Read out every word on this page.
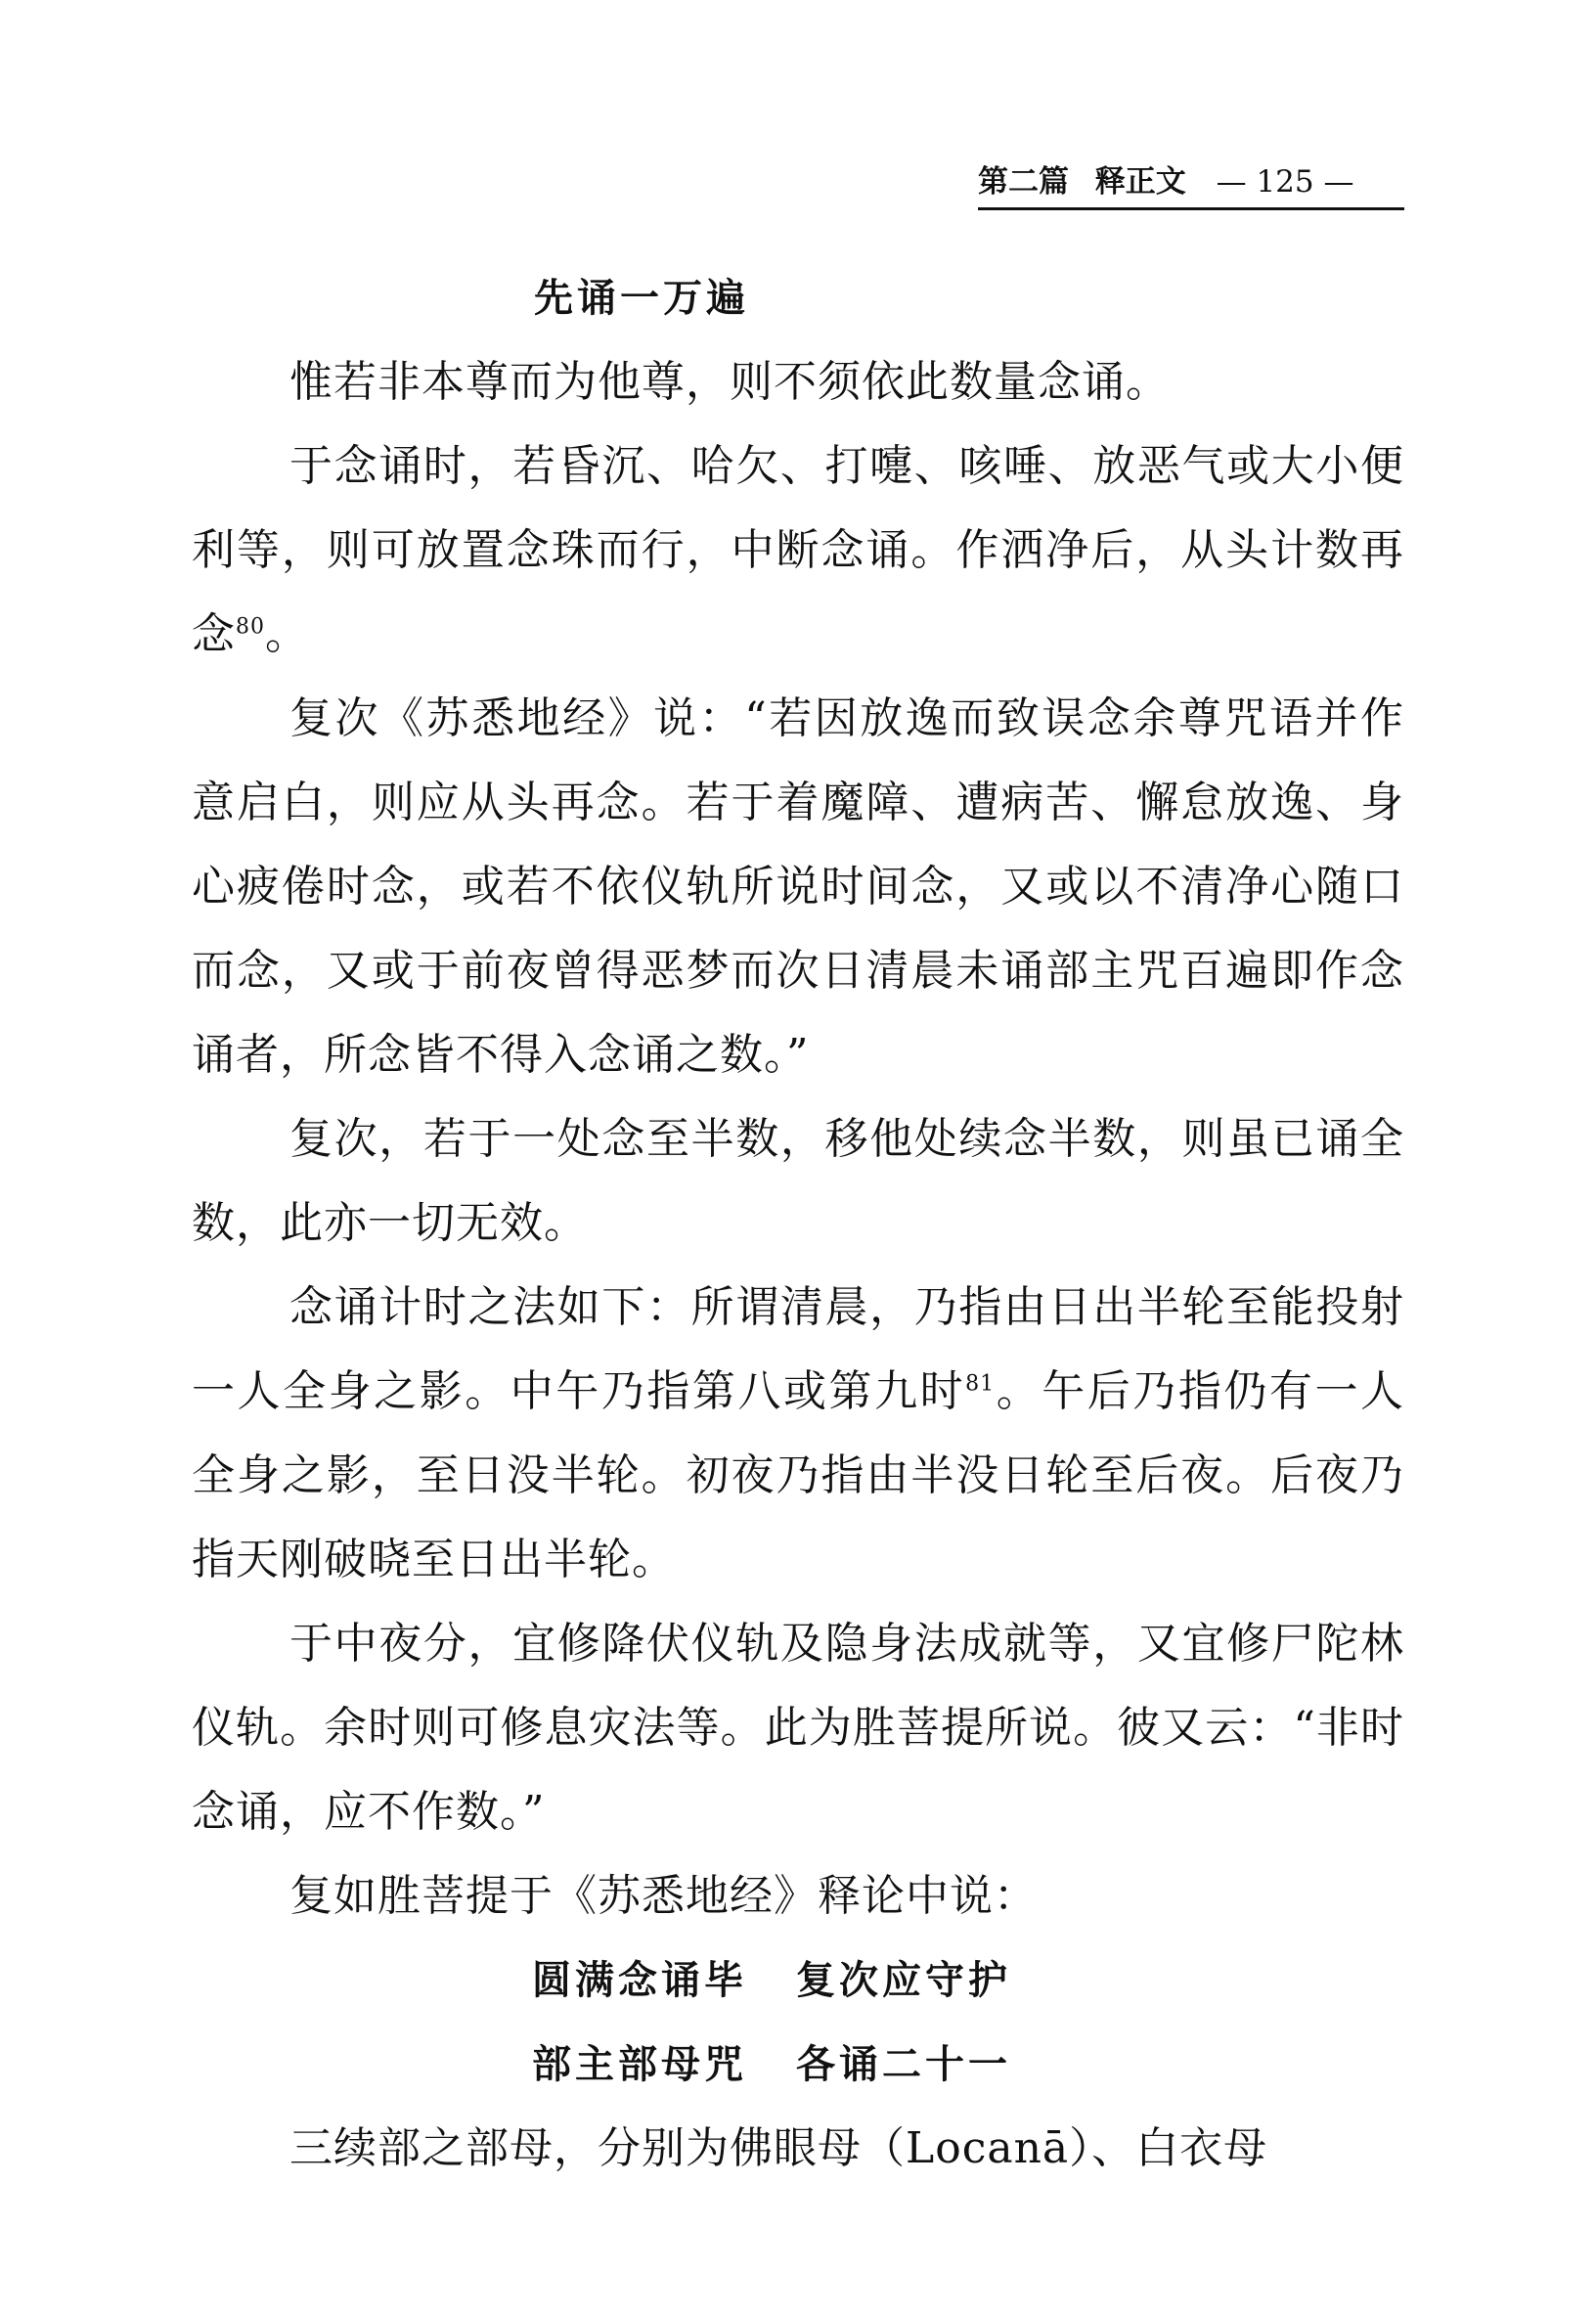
第二篇 释正文 — 125 —
先诵一万遍

惟若非本尊而为他尊，则不须依此数量念诵。

于念诵时，若昏沉、哈欠、打嚏、咳唾、放恶气或大小便利等，则可放置念珠而行，中断念诵。作洒净后，从头计数再念$^{80}$。

复次《苏悉地经》说：“若因放逸而致误念余尊咒语并作意启白，则应从头再念。若于着魔障、遭病苦、懈怠放逸、身心疲倦时念，或若不依仪轨所说时间念，又或以不清净心随口而念，又或于前夜曾得恶梦而次日清晨未诵部主咒百遍即作念诵者，所念皆不得入念诵之数。”

复次，若于一处念至半数，移他处续念半数，则虽已诵全数，此亦一切无效。

念诵计时之法如下：所谓清晨，乃指由日出半轮至能投射一人全身之影。中午乃指第八或第九时$^{81}$。午后乃指仍有一人全身之影，至日没半轮。初夜乃指由半没日轮至后夜。后夜乃指天刚破晓至日出半轮。

于中夜分，宜修降伏仪轨及隐身法成就等，又宜修尸陀林仪轨。余时则可修息灾法等。此为胜菩提所说。彼又云：“非时念诵，应不作数。”

复如胜菩提于《苏悉地经》释论中说：

圆满念诵毕 复次应守护
部主部母咒 各诵二十一

三续部之部母，分别为佛眼母（Locanā）、白衣母
